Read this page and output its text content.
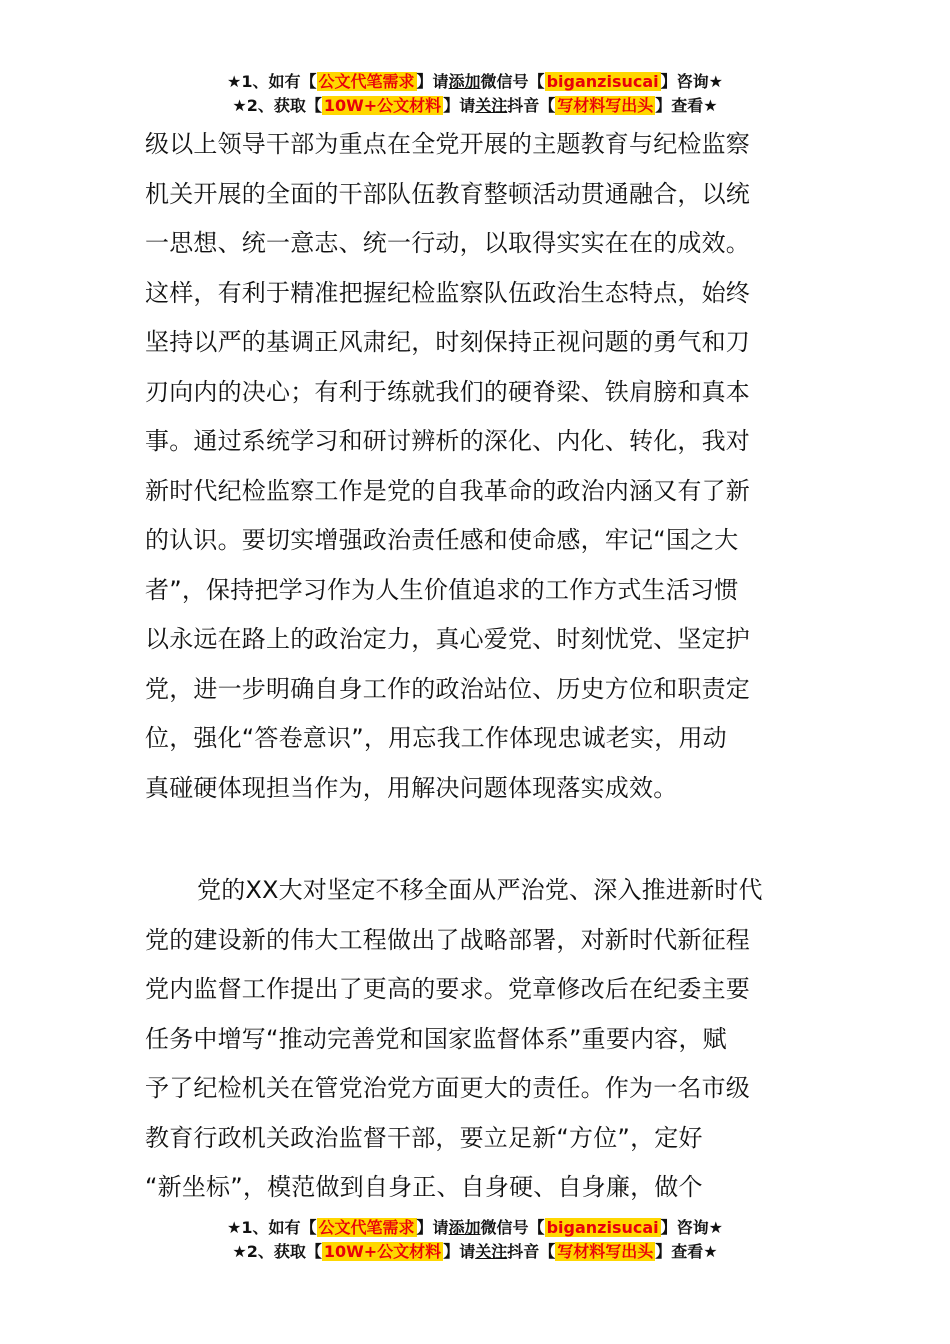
★1、如有【 公文代笔需求 】请添加微信号【 biganzisucai 】咨询★
★2、获取【 10W+公文材料 】请关注抖音【 写材料写出头 】查看★
级以上领导干部为重点在全党开展的主题教育与纪检监察
机关开展的全面的干部队伍教育整顿活动贯通融合，以统
一思想、统一意志、统一行动，以取得实实在在的成效。
这样，有利于精准把握纪检监察队伍政治生态特点，始终
坚持以严的基调正风肃纪，时刻保持正视问题的勇气和刀
刃向内的决心；有利于练就我们的硬脊梁、铁肩膀和真本
事。通过系统学习和研讨辨析的深化、内化、转化，我对
新时代纪检监察工作是党的自我革命的政治内涵又有了新
的认识。要切实增强政治责任感和使命感，牢记“国之大
者”，保持把学习作为人生价值追求的工作方式生活习惯
以永远在路上的政治定力，真心爱党、时刻忧党、坚定护
党，进一步明确自身工作的政治站位、历史方位和职责定
位，强化“答卷意识”，用忘我工作体现忠诚老实，用动
真碰硬体现担当作为，用解决问题体现落实成效。
党的XX大对坚定不移全面从严治党、深入推进新时代
党的建设新的伟大工程做出了战略部署，对新时代新征程
党内监督工作提出了更高的要求。党章修改后在纪委主要
任务中增写“推动完善党和国家监督体系”重要内容，赋
予了纪检机关在管党治党方面更大的责任。作为一名市级
教育行政机关政治监督干部，要立足新“方位”，定好
“新坐标”，模范做到自身正、自身硬、自身廉，做个
★1、如有【 公文代笔需求 】请添加微信号【 biganzisucai 】咨询★
★2、获取【 10W+公文材料 】请关注抖音【 写材料写出头 】查看★
